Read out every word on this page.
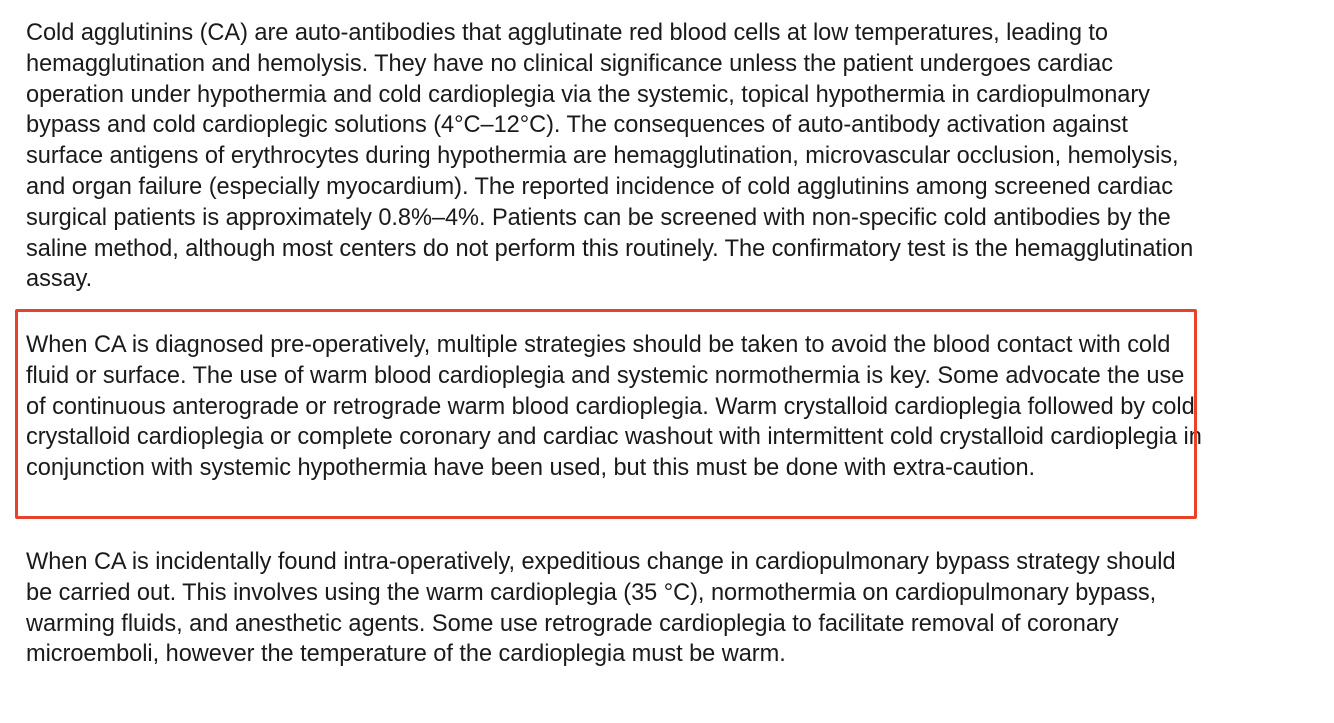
Cold agglutinins (CA) are auto-antibodies that agglutinate red blood cells at low temperatures, leading to hemagglutination and hemolysis. They have no clinical significance unless the patient undergoes cardiac operation under hypothermia and cold cardioplegia via the systemic, topical hypothermia in cardiopulmonary bypass and cold cardioplegic solutions (4°C–12°C). The consequences of auto-antibody activation against surface antigens of erythrocytes during hypothermia are hemagglutination, microvascular occlusion, hemolysis, and organ failure (especially myocardium). The reported incidence of cold agglutinins among screened cardiac surgical patients is approximately 0.8%–4%. Patients can be screened with non-specific cold antibodies by the saline method, although most centers do not perform this routinely. The confirmatory test is the hemagglutination assay.

When CA is diagnosed pre-operatively, multiple strategies should be taken to avoid the blood contact with cold fluid or surface. The use of warm blood cardioplegia and systemic normothermia is key. Some advocate the use of continuous anterograde or retrograde warm blood cardioplegia. Warm crystalloid cardioplegia followed by cold crystalloid cardioplegia or complete coronary and cardiac washout with intermittent cold crystalloid cardioplegia in conjunction with systemic hypothermia have been used, but this must be done with extra-caution.

When CA is incidentally found intra-operatively, expeditious change in cardiopulmonary bypass strategy should be carried out. This involves using the warm cardioplegia (35 °C), normothermia on cardiopulmonary bypass, warming fluids, and anesthetic agents. Some use retrograde cardioplegia to facilitate removal of coronary microemboli, however the temperature of the cardioplegia must be warm.
